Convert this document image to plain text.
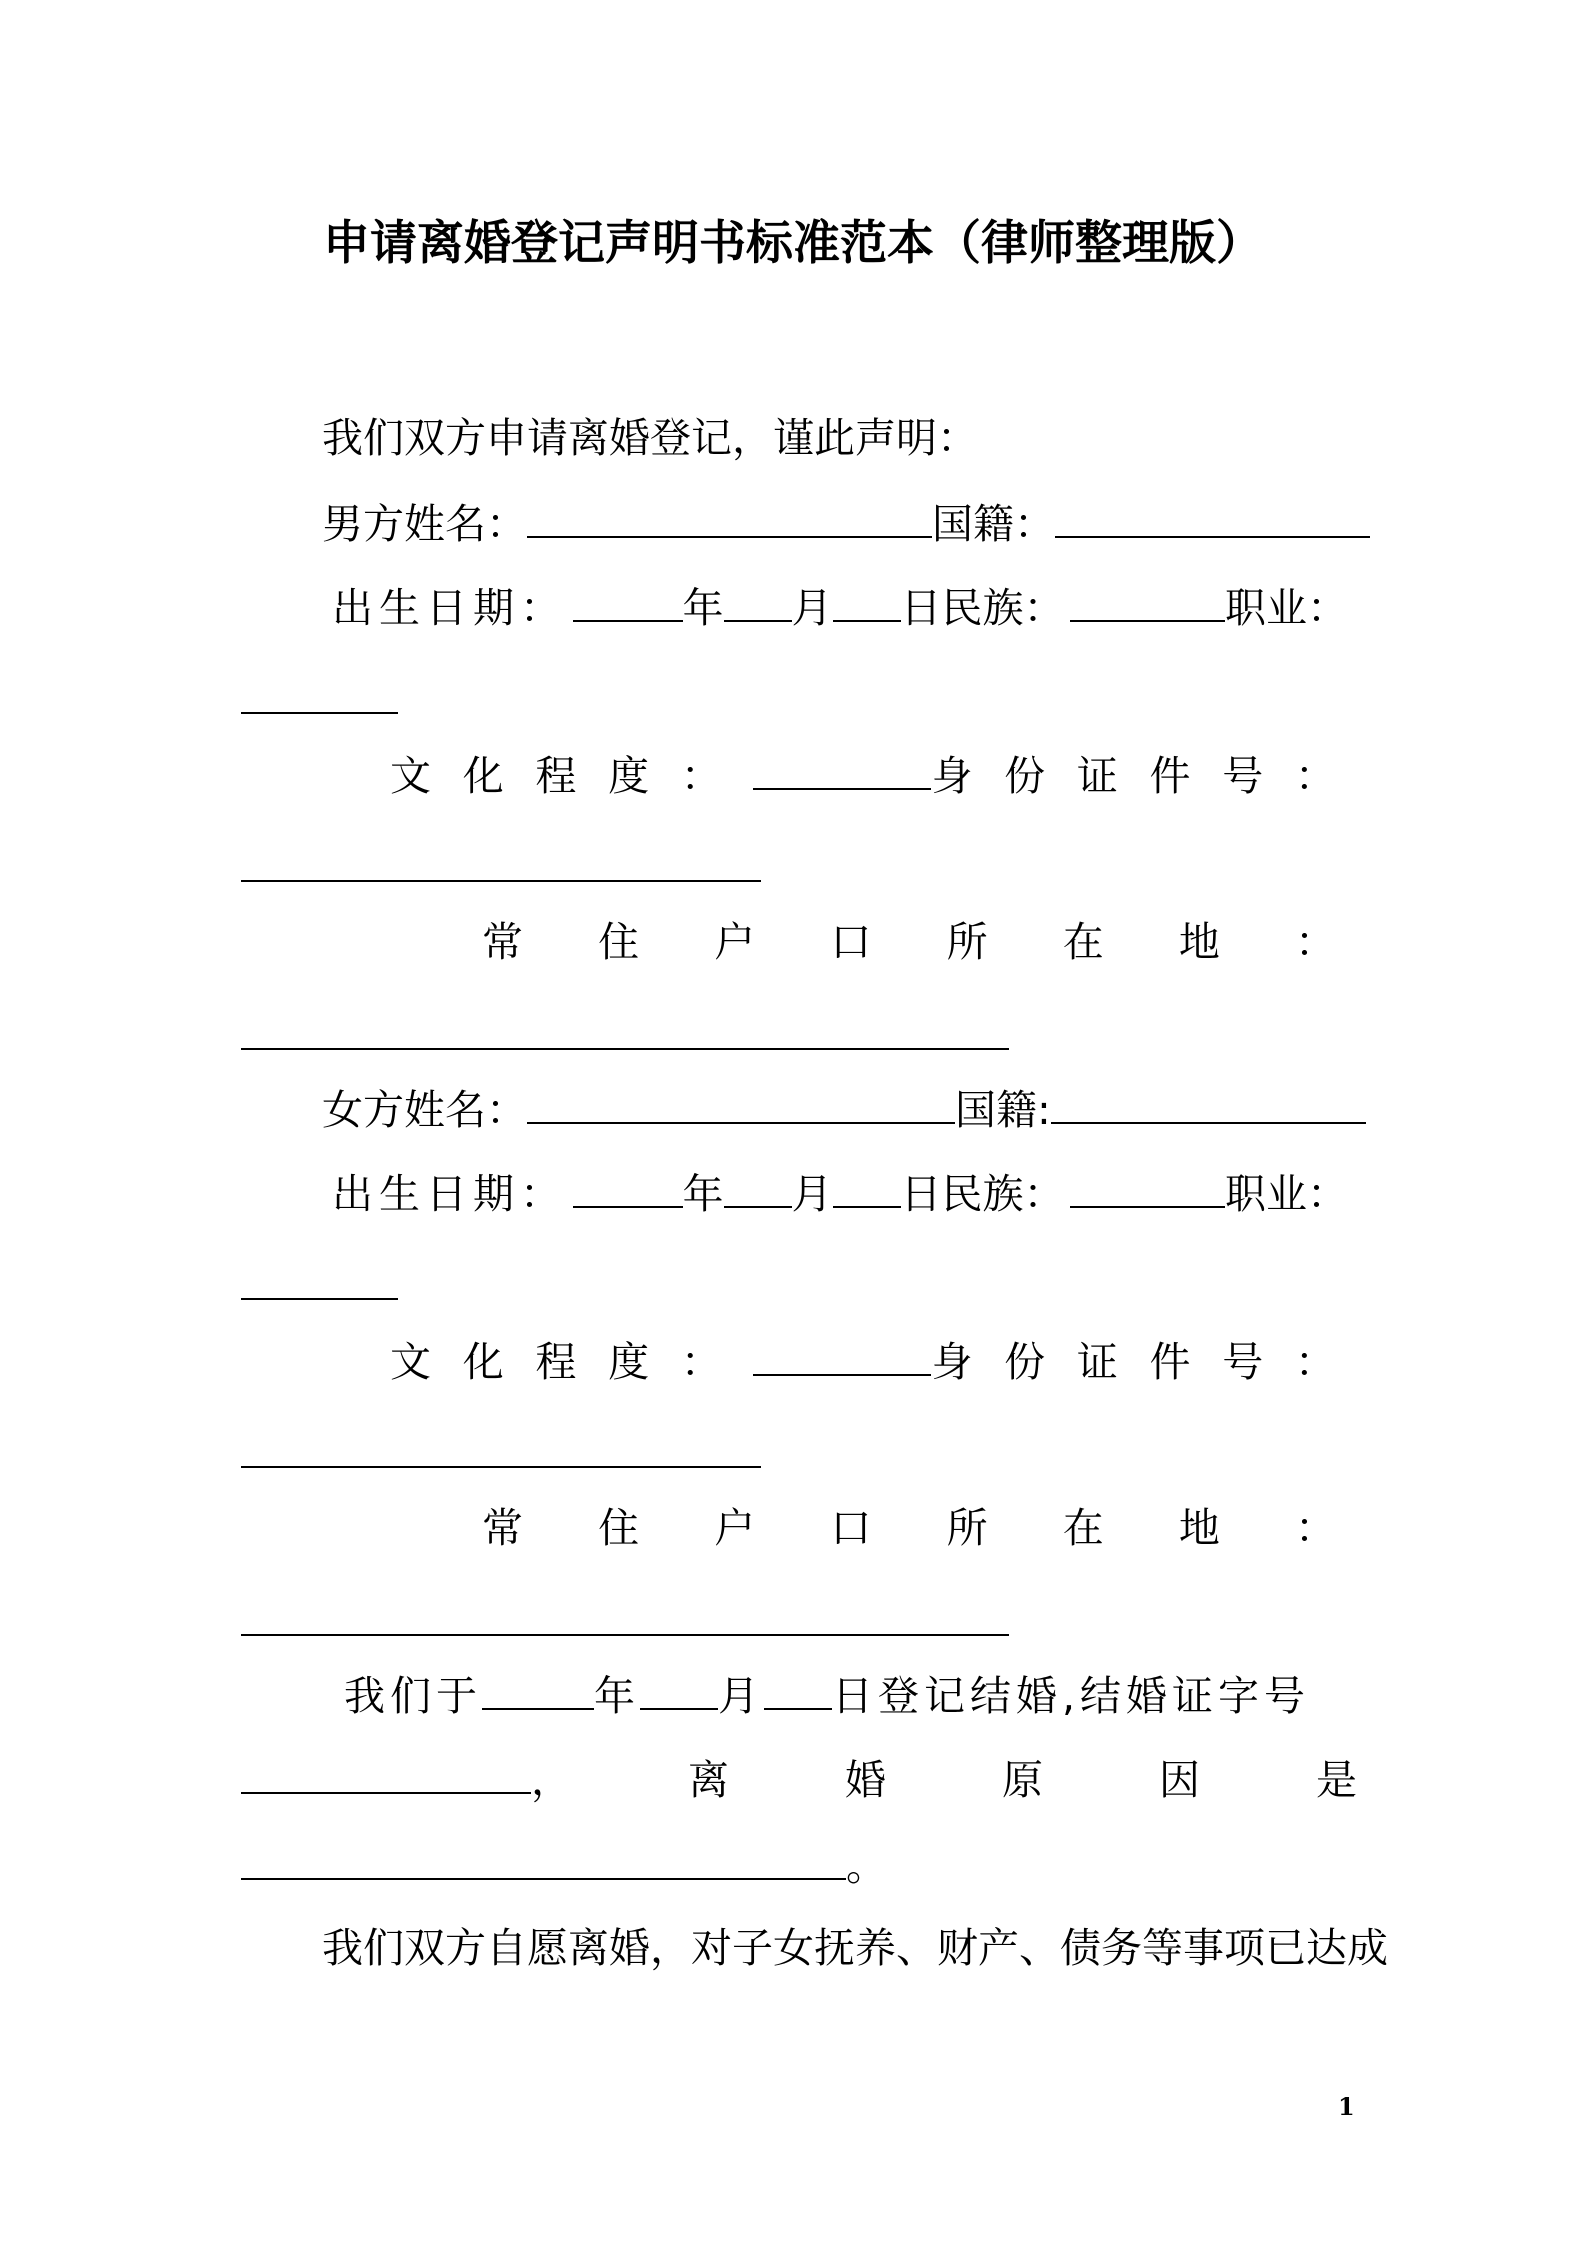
申请离婚登记声明书标准范本（律师整理版）
我们双方申请离婚登记，谨此声明：
男方姓名：	国籍：
出生日期：	年 月 日民族：	职业：
文 化 程 度 ：	身 份 证 件 号 ：
常 住 户 口 所 在 地 ：
女方姓名：	国籍:
出生日期：	年 月 日民族：	职业：
文 化 程 度 ：	身 份 证 件 号 ：
常 住 户 口 所 在 地 ：
我们于	年 月 日登记结婚,结婚证字号
，	离	婚	原	因	是
。
我们双方自愿离婚，对子女抚养、财产、债务等事项已达成
1
